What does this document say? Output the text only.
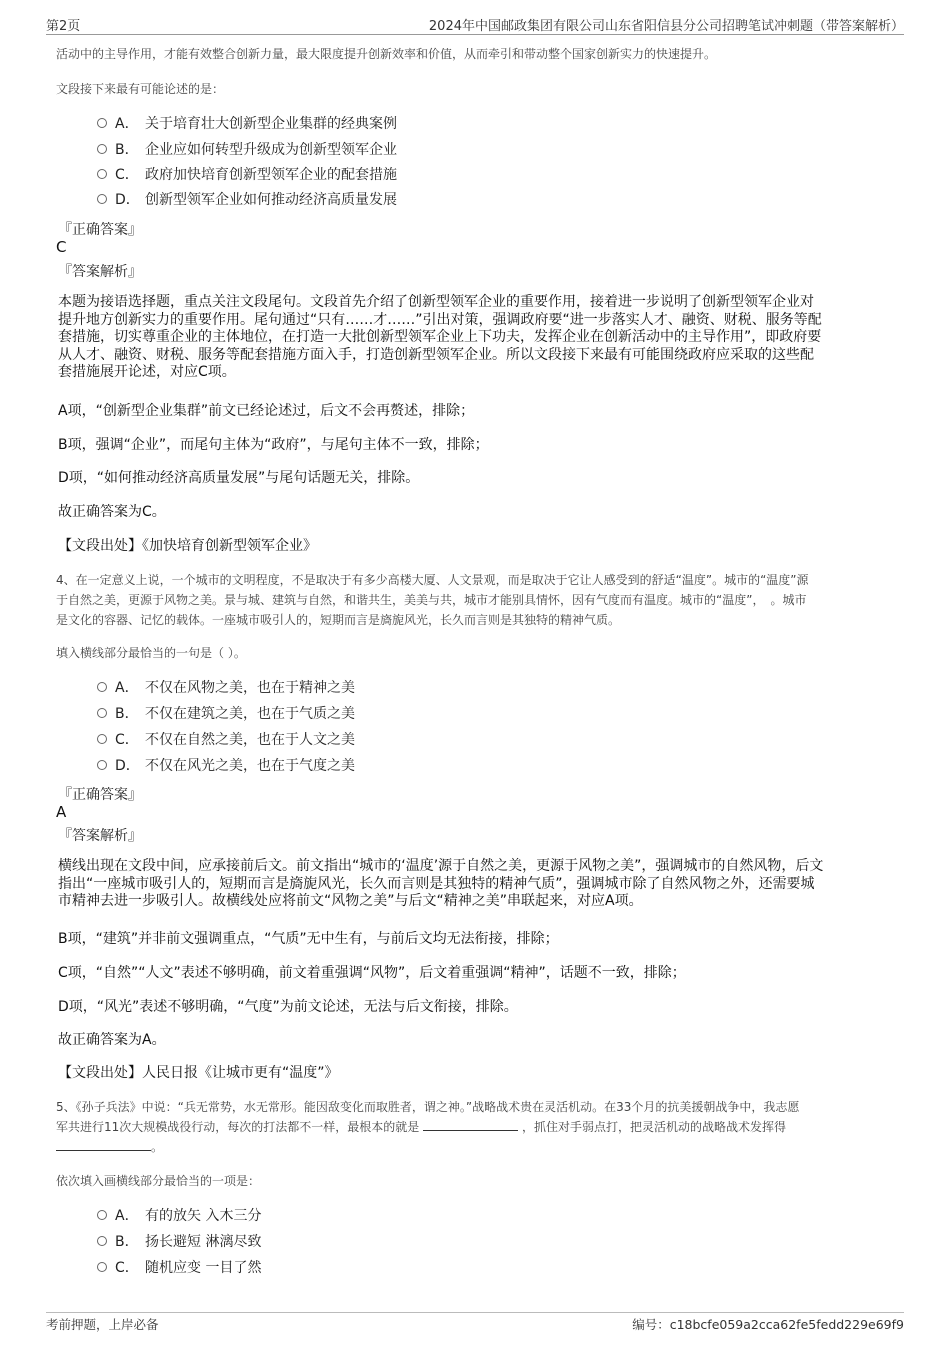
第2页	2024年中国邮政集团有限公司山东省阳信县分公司招聘笔试冲刺题（带答案解析）
活动中的主导作用，才能有效整合创新力量，最大限度提升创新效率和价值，从而牵引和带动整个国家创新实力的快速提升。
文段接下来最有可能论述的是：
A． 关于培育壮大创新型企业集群的经典案例
B． 企业应如何转型升级成为创新型领军企业
C． 政府加快培育创新型领军企业的配套措施
D． 创新型领军企业如何推动经济高质量发展
『正确答案』
C
『答案解析』
本题为接语选择题，重点关注文段尾句。文段首先介绍了创新型领军企业的重要作用，接着进一步说明了创新型领军企业对
提升地方创新实力的重要作用。尾句通过“只有……才……”引出对策，强调政府要“进一步落实人才、融资、财税、服务等配
套措施，切实尊重企业的主体地位，在打造一大批创新型领军企业上下功夫，发挥企业在创新活动中的主导作用”，即政府要
从人才、融资、财税、服务等配套措施方面入手，打造创新型领军企业。所以文段接下来最有可能围绕政府应采取的这些配
套措施展开论述，对应C项。
A项，“创新型企业集群”前文已经论述过，后文不会再赘述，排除；
B项，强调“企业”，而尾句主体为“政府”，与尾句主体不一致，排除；
D项，“如何推动经济高质量发展”与尾句话题无关，排除。
故正确答案为C。
【文段出处】《加快培育创新型领军企业》
4、在一定意义上说，一个城市的文明程度，不是取决于有多少高楼大厦、人文景观，而是取决于它让人感受到的舒适“温度”。城市的“温度”源
于自然之美，更源于风物之美。景与城、建筑与自然，和谐共生，美美与共，城市才能别具情怀，因有气度而有温度。城市的“温度”，　。城市
是文化的容器、记忆的载体。一座城市吸引人的，短期而言是旖旎风光，长久而言则是其独特的精神气质。
填入横线部分最恰当的一句是（ ）。
A． 不仅在风物之美，也在于精神之美
B． 不仅在建筑之美，也在于气质之美
C． 不仅在自然之美，也在于人文之美
D． 不仅在风光之美，也在于气度之美
『正确答案』
A
『答案解析』
横线出现在文段中间，应承接前后文。前文指出“城市的‘温度’源于自然之美，更源于风物之美”，强调城市的自然风物，后文
指出“一座城市吸引人的，短期而言是旖旎风光，长久而言则是其独特的精神气质”，强调城市除了自然风物之外，还需要城
市精神去进一步吸引人。故横线处应将前文“风物之美”与后文“精神之美”串联起来，对应A项。
B项，“建筑”并非前文强调重点，“气质”无中生有，与前后文均无法衔接，排除；
C项，“自然”“人文”表述不够明确，前文着重强调“风物”，后文着重强调“精神”，话题不一致，排除；
D项，“风光”表述不够明确，“气度”为前文论述，无法与后文衔接，排除。
故正确答案为A。
【文段出处】人民日报《让城市更有“温度”》
5、《孙子兵法》中说：“兵无常势，水无常形。能因敌变化而取胜者，谓之神。”战略战术贵在灵活机动。在33个月的抗美援朝战争中，我志愿
军共进行11次大规模战役行动，每次的打法都不一样，最根本的就是	，抓住对手弱点打，把灵活机动的战略战术发挥得
。
依次填入画横线部分最恰当的一项是：
A． 有的放矢 入木三分
B． 扬长避短 淋漓尽致
C． 随机应变 一目了然
考前押题，上岸必备	编号：c18bcfe059a2cca62fe5fedd229e69f9
